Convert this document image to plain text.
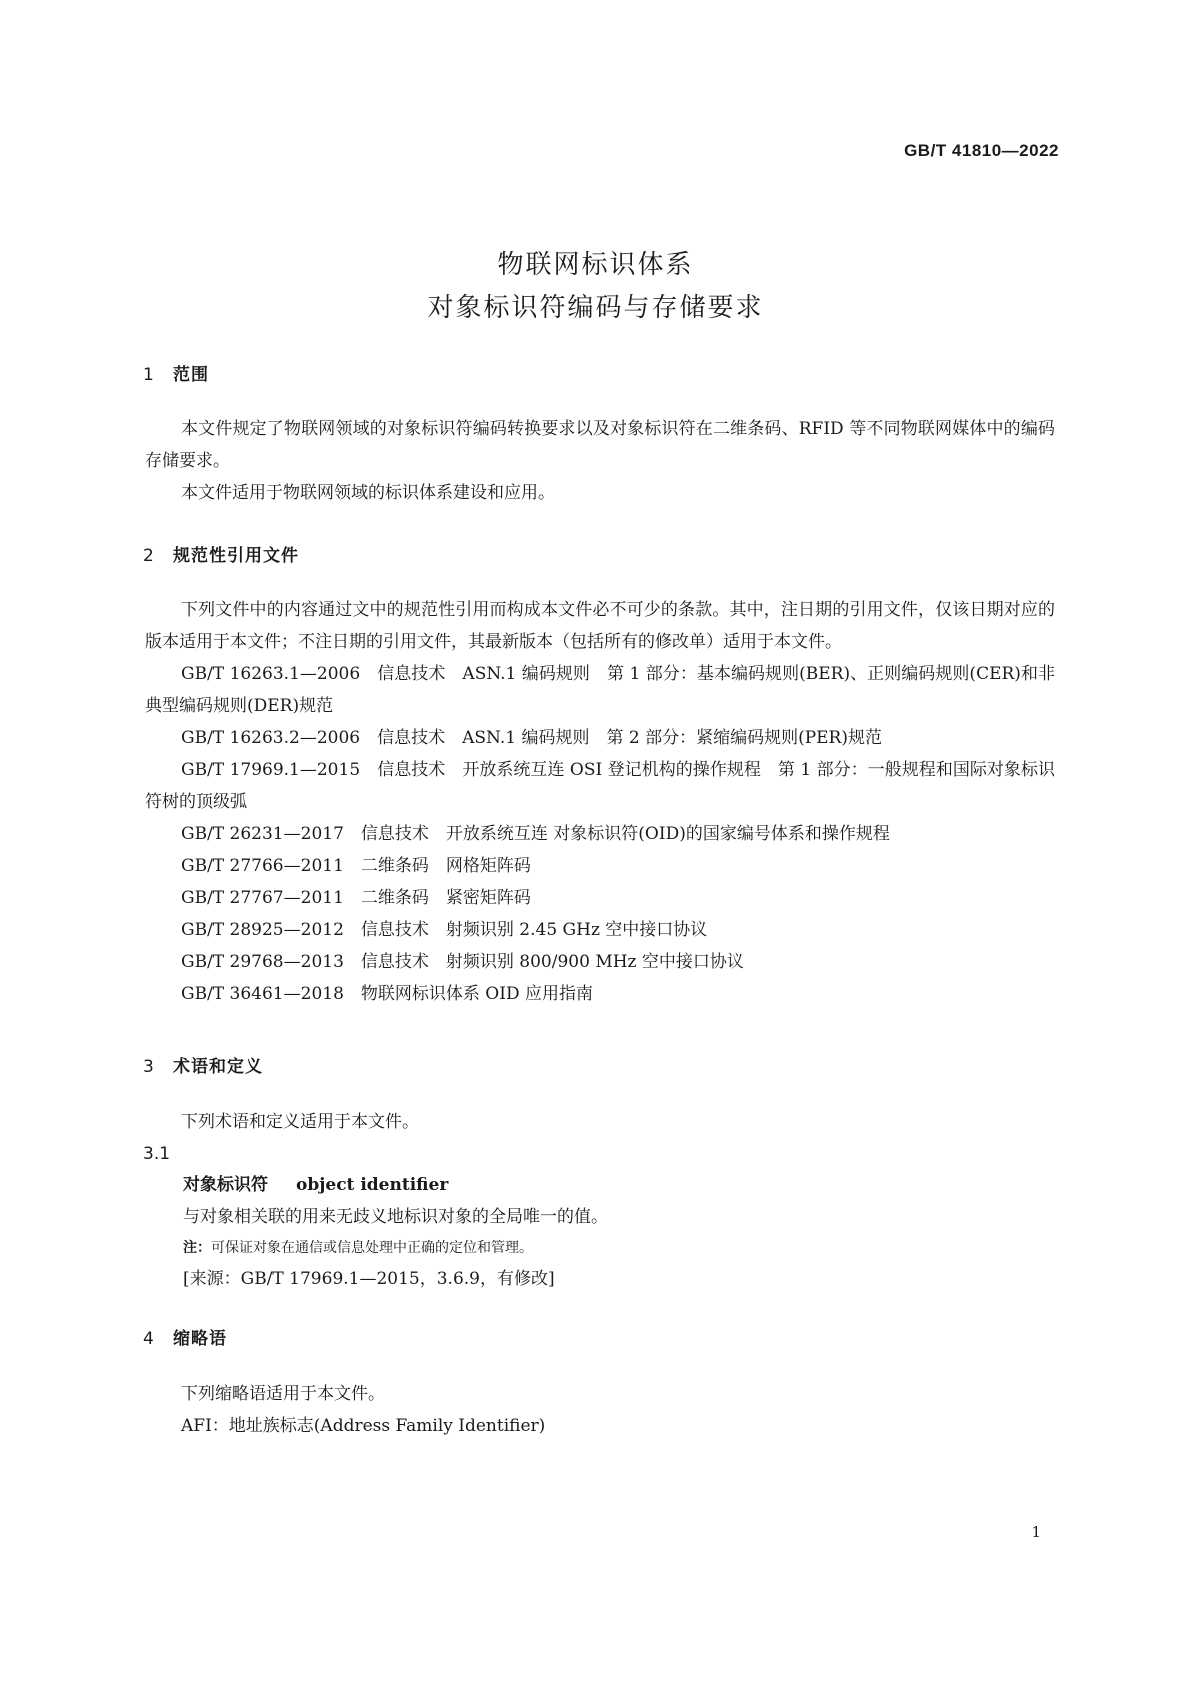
GB/T 41810—2022
物联网标识体系
对象标识符编码与存储要求
1 范围

本文件规定了物联网领域的对象标识符编码转换要求以及对象标识符在二维条码、RFID 等不同物联网媒体中的编码存储要求。

本文件适用于物联网领域的标识体系建设和应用。

2 规范性引用文件

下列文件中的内容通过文中的规范性引用而构成本文件必不可少的条款。其中，注日期的引用文件，仅该日期对应的版本适用于本文件；不注日期的引用文件，其最新版本（包括所有的修改单）适用于本文件。

GB/T 16263.1—2006　信息技术　ASN.1 编码规则　第 1 部分：基本编码规则(BER)、正则编码规则(CER)和非典型编码规则(DER)规范

GB/T 16263.2—2006　信息技术　ASN.1 编码规则　第 2 部分：紧缩编码规则(PER)规范

GB/T 17969.1—2015　信息技术　开放系统互连 OSI 登记机构的操作规程　第 1 部分：一般规程和国际对象标识符树的顶级弧

GB/T 26231—2017　信息技术　开放系统互连 对象标识符(OID)的国家编号体系和操作规程

GB/T 27766—2011　二维条码　网格矩阵码

GB/T 27767—2011　二维条码　紧密矩阵码

GB/T 28925—2012　信息技术　射频识别 2.45 GHz 空中接口协议

GB/T 29768—2013　信息技术　射频识别 800/900 MHz 空中接口协议

GB/T 36461—2018　物联网标识体系 OID 应用指南

3 术语和定义

下列术语和定义适用于本文件。

3.1

对象标识符 object identifier

与对象相关联的用来无歧义地标识对象的全局唯一的值。

注：可保证对象在通信或信息处理中正确的定位和管理。

[来源：GB/T 17969.1—2015，3.6.9，有修改]

4 缩略语

下列缩略语适用于本文件。

AFI：地址族标志(Address Family Identifier)

1
